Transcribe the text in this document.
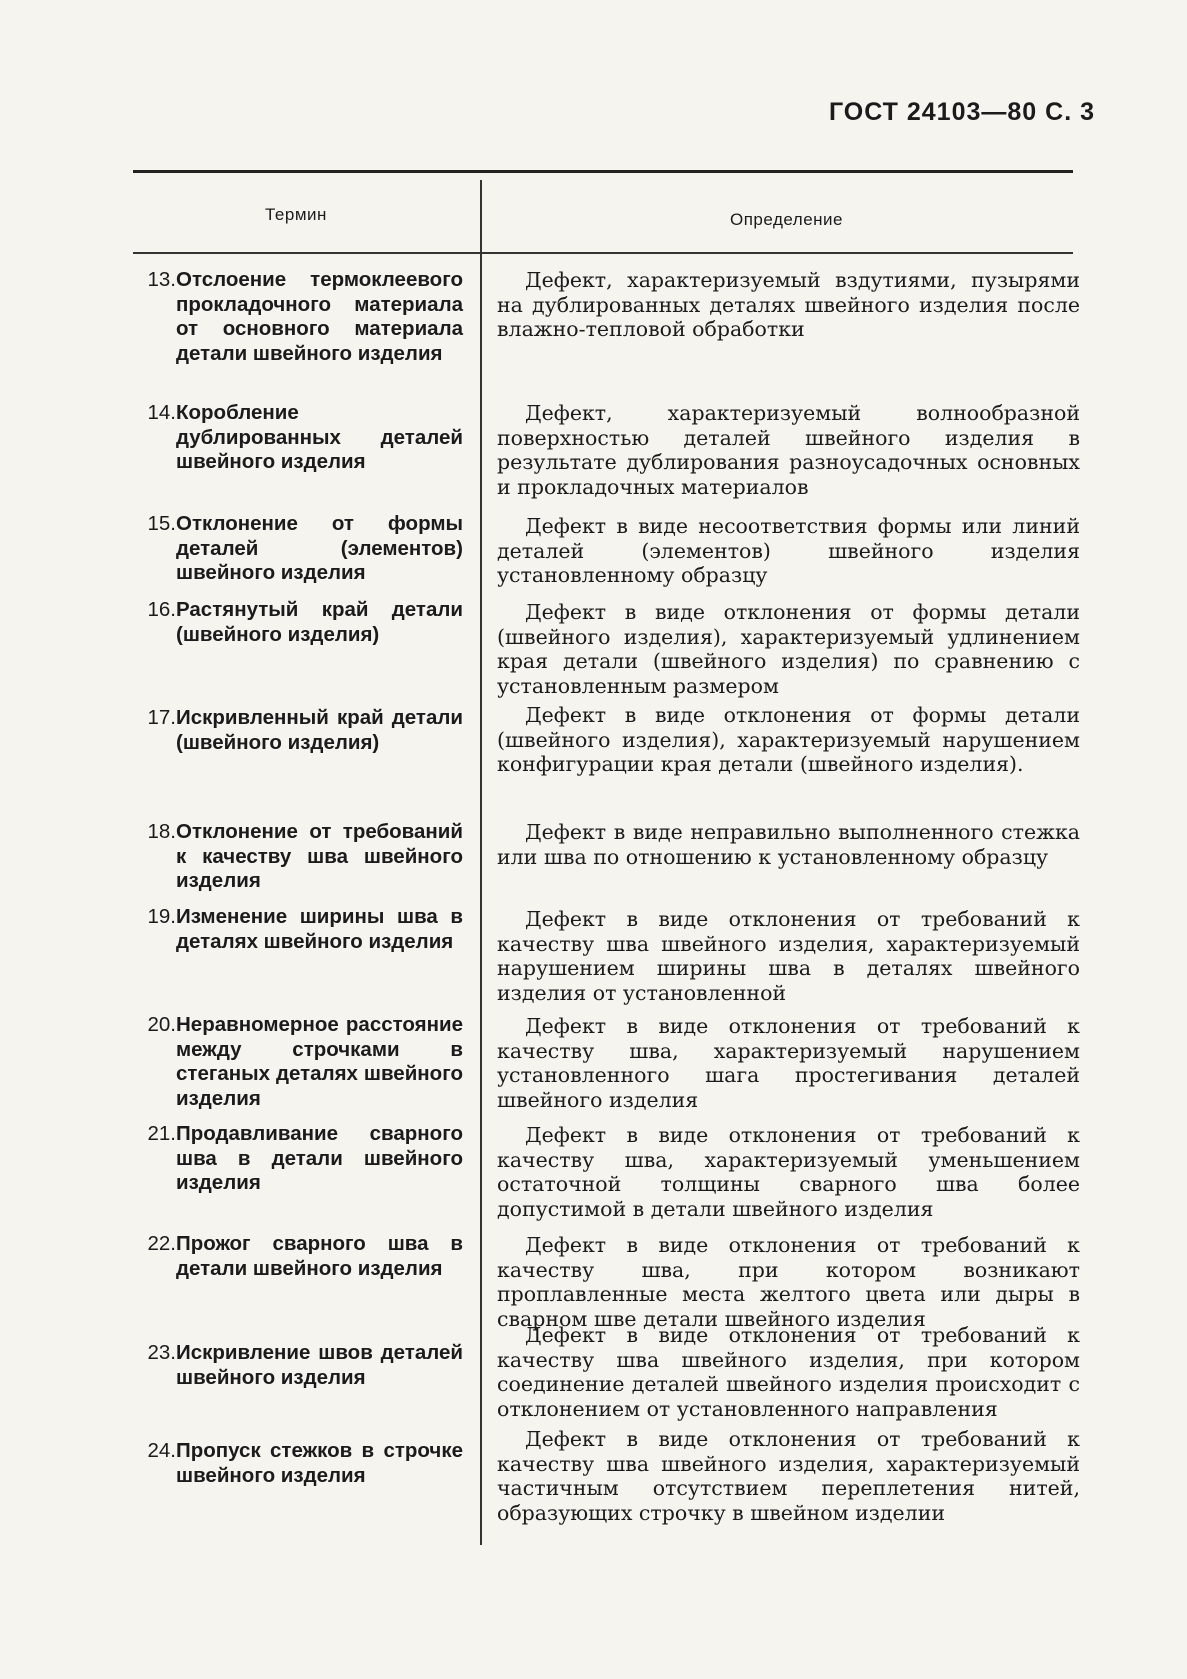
ГОСТ 24103—80 С. 3
Термин	Определение
13. Отслоение термоклеевого прокладочного материала от основного материала детали швейного изделия
Дефект, характеризуемый вздутиями, пузырями на дублированных деталях швейного изделия после влажно-тепловой обработки
14. Коробление дублированных деталей швейного изделия
Дефект, характеризуемый волнообразной поверхностью деталей швейного изделия в результате дублирования разноусадочных основных и прокладочных материалов
15. Отклонение от формы деталей (элементов) швейного изделия
Дефект в виде несоответствия формы или линий деталей (элементов) швейного изделия установленному образцу
16. Растянутый край детали (швейного изделия)
Дефект в виде отклонения от формы детали (швейного изделия), характеризуемый удлинением края детали (швейного изделия) по сравнению с установленным размером
17. Искривленный край детали (швейного изделия)
Дефект в виде отклонения от формы детали (швейного изделия), характеризуемый нарушением конфигурации края детали (швейного изделия).
18. Отклонение от требований к качеству шва швейного изделия
Дефект в виде неправильно выполненного стежка или шва по отношению к установленному образцу
19. Изменение ширины шва в деталях швейного изделия
Дефект в виде отклонения от требований к качеству шва швейного изделия, характеризуемый нарушением ширины шва в деталях швейного изделия от установленной
20. Неравномерное расстояние между строчками в стеганых деталях швейного изделия
Дефект в виде отклонения от требований к качеству шва, характеризуемый нарушением установленного шага простегивания деталей швейного изделия
21. Продавливание сварного шва в детали швейного изделия
Дефект в виде отклонения от требований к качеству шва, характеризуемый уменьшением остаточной толщины сварного шва более допустимой в детали швейного изделия
22. Прожог сварного шва в детали швейного изделия
Дефект в виде отклонения от требований к качеству шва, при котором возникают проплавленные места желтого цвета или дыры в сварном шве детали швейного изделия
23. Искривление швов деталей швейного изделия
Дефект в виде отклонения от требований к качеству шва швейного изделия, при котором соединение деталей швейного изделия происходит с отклонением от установленного направления
24. Пропуск стежков в строчке швейного изделия
Дефект в виде отклонения от требований к качеству шва швейного изделия, характеризуемый частичным отсутствием переплетения нитей, образующих строчку в швейном изделии
